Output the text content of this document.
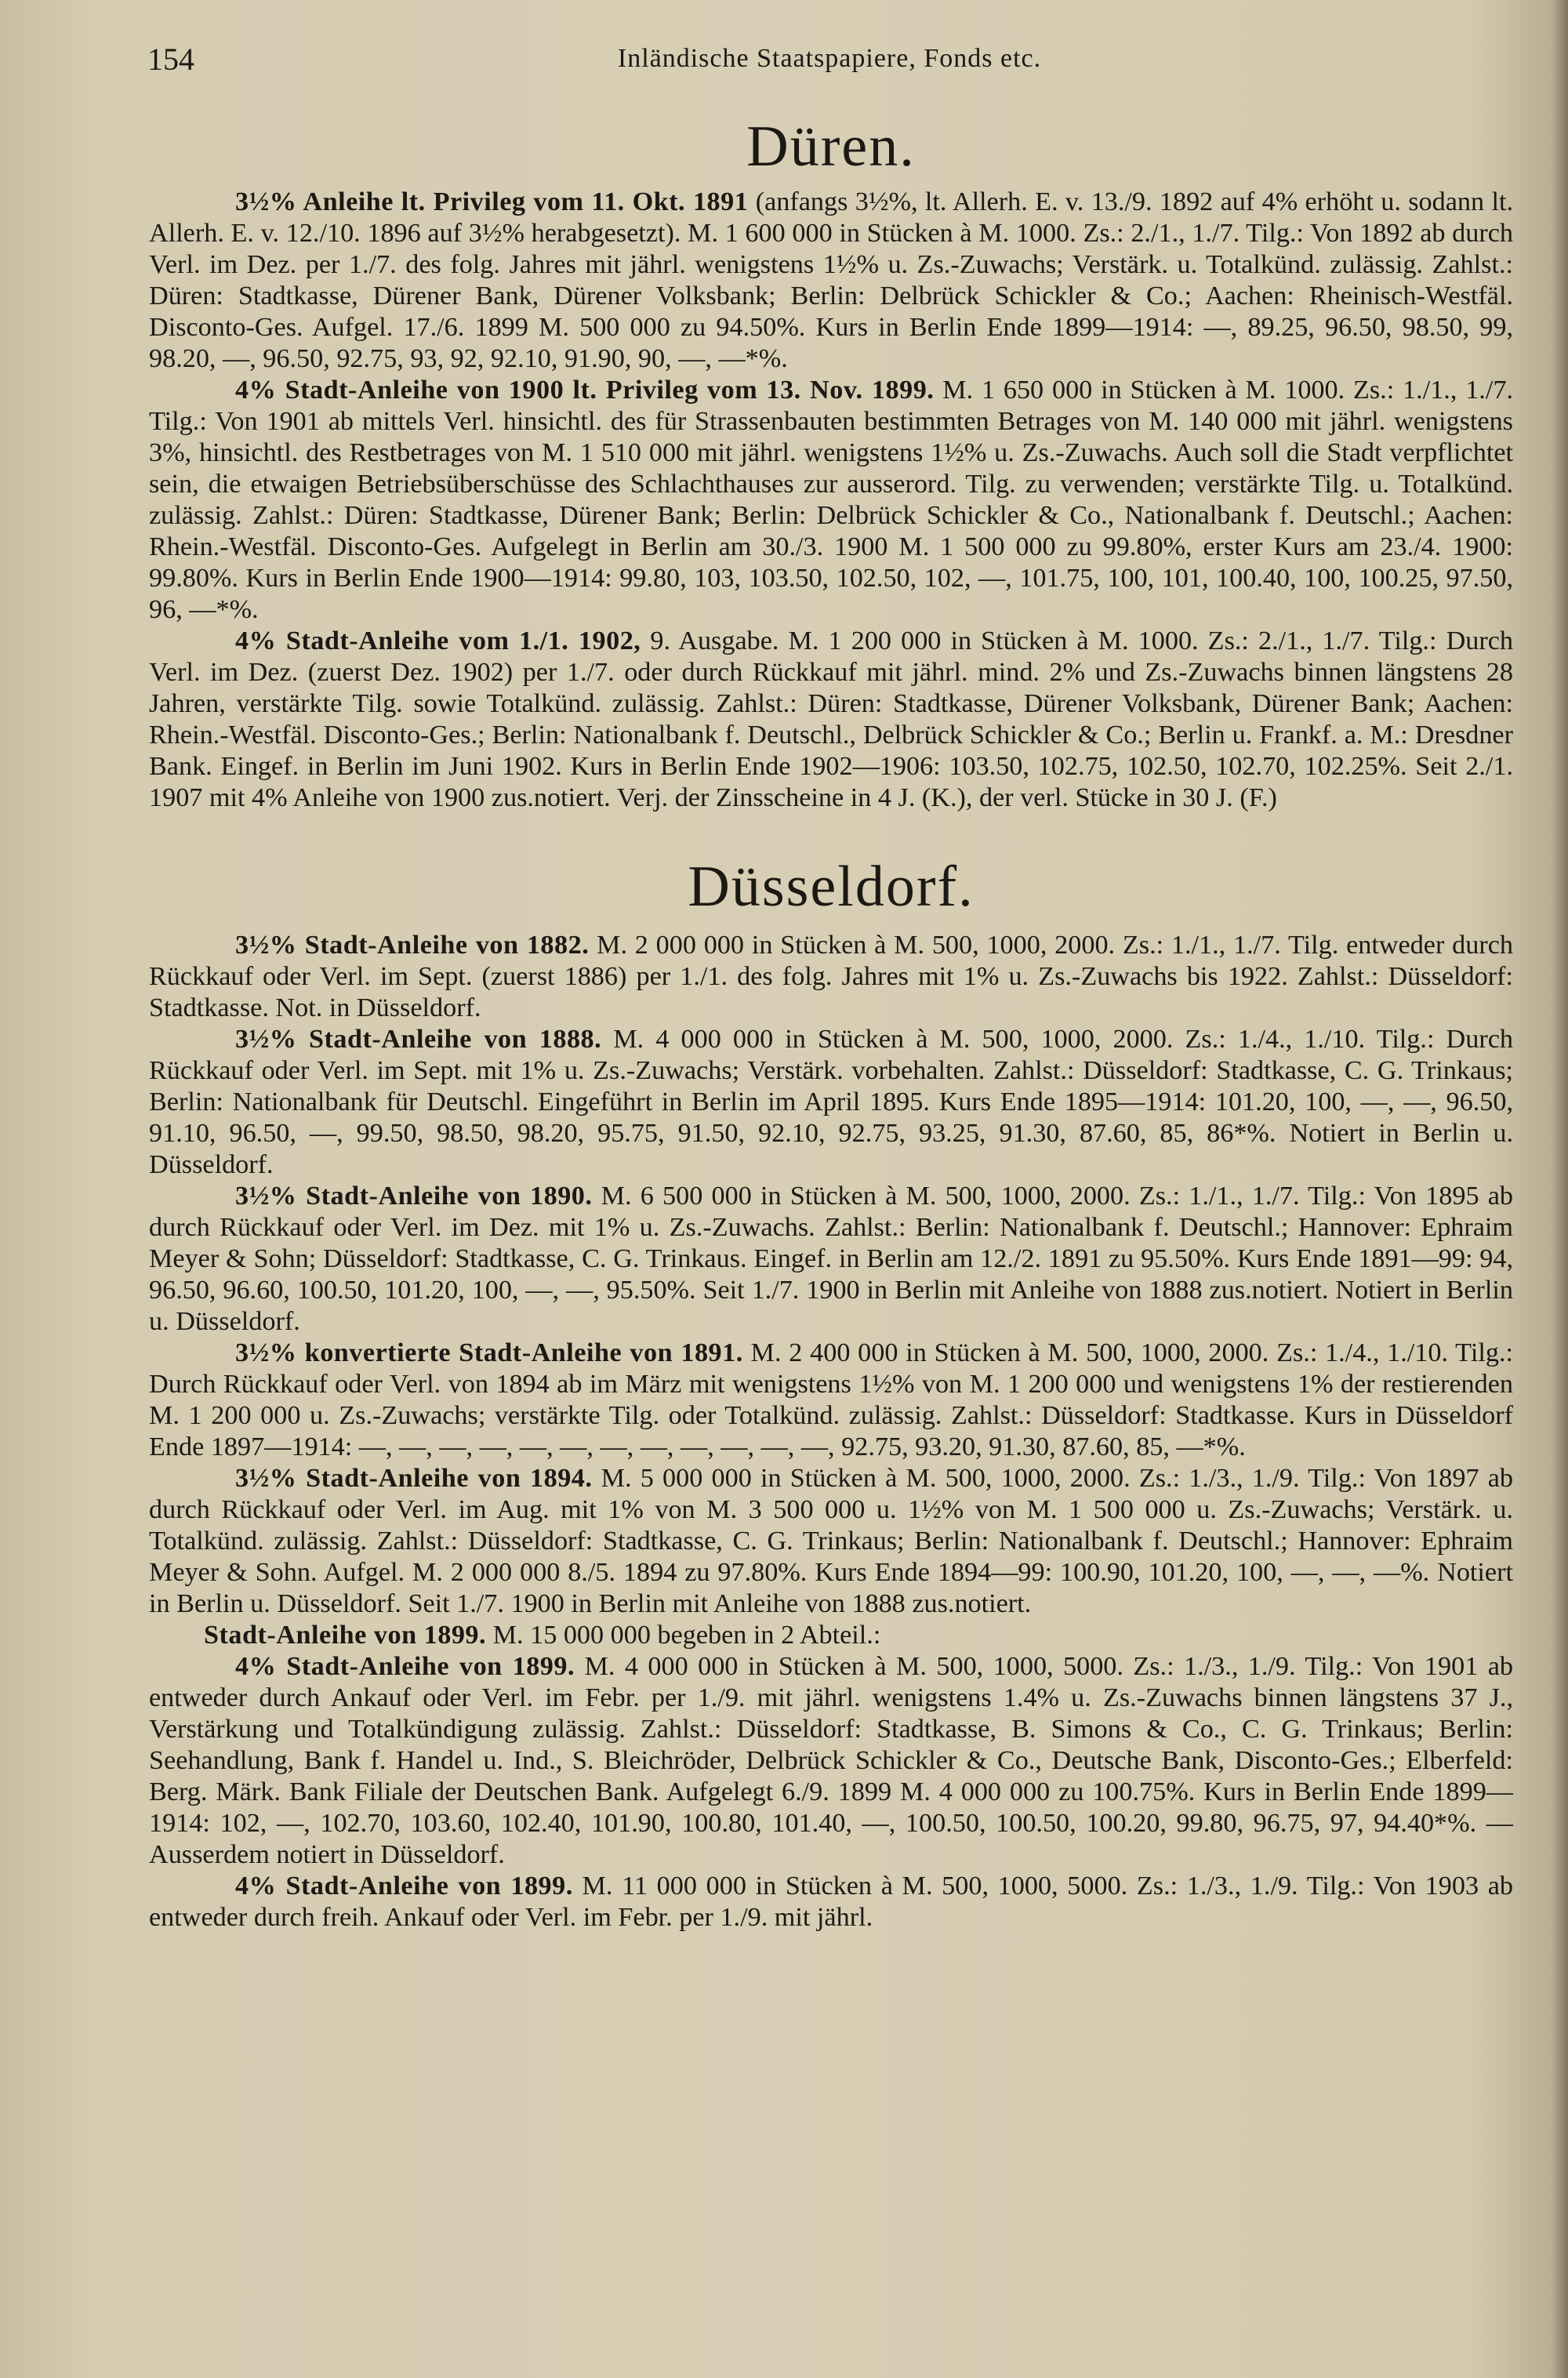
154	Inländische Staatspapiere, Fonds etc.
Düren.

3½% Anleihe lt. Privileg vom 11. Okt. 1891 (anfangs 3½%, lt. Allerh. E. v. 13./9. 1892 auf 4% erhöht u. sodann lt. Allerh. E. v. 12./10. 1896 auf 3½% herabgesetzt). M. 1 600 000 in Stücken à M. 1000. Zs.: 2./1., 1./7. Tilg.: Von 1892 ab durch Verl. im Dez. per 1./7. des folg. Jahres mit jährl. wenigstens 1½% u. Zs.-Zuwachs; Verstärk. u. Totalkünd. zulässig. Zahlst.: Düren: Stadtkasse, Dürener Bank, Dürener Volksbank; Berlin: Delbrück Schickler & Co.; Aachen: Rheinisch-Westfäl. Disconto-Ges. Aufgel. 17./6. 1899 M. 500 000 zu 94.50%. Kurs in Berlin Ende 1899—1914: —, 89.25, 96.50, 98.50, 99, 98.20, —, 96.50, 92.75, 93, 92, 92.10, 91.90, 90, —, —*%.

4% Stadt-Anleihe von 1900 lt. Privileg vom 13. Nov. 1899. M. 1 650 000 in Stücken à M. 1000. Zs.: 1./1., 1./7. Tilg.: Von 1901 ab mittels Verl. hinsichtl. des für Strassenbauten bestimmten Betrages von M. 140 000 mit jährl. wenigstens 3%, hinsichtl. des Restbetrages von M. 1 510 000 mit jährl. wenigstens 1½% u. Zs.-Zuwachs. Auch soll die Stadt verpflichtet sein, die etwaigen Betriebsüberschüsse des Schlachthauses zur ausserord. Tilg. zu verwenden; verstärkte Tilg. u. Totalkünd. zulässig. Zahlst.: Düren: Stadtkasse, Dürener Bank; Berlin: Delbrück Schickler & Co., Nationalbank f. Deutschl.; Aachen: Rhein.-Westfäl. Disconto-Ges. Aufgelegt in Berlin am 30./3. 1900 M. 1 500 000 zu 99.80%, erster Kurs am 23./4. 1900: 99.80%. Kurs in Berlin Ende 1900—1914: 99.80, 103, 103.50, 102.50, 102, —, 101.75, 100, 101, 100.40, 100, 100.25, 97.50, 96, —*%.

4% Stadt-Anleihe vom 1./1. 1902, 9. Ausgabe. M. 1 200 000 in Stücken à M. 1000. Zs.: 2./1., 1./7. Tilg.: Durch Verl. im Dez. (zuerst Dez. 1902) per 1./7. oder durch Rückkauf mit jährl. mind. 2% und Zs.-Zuwachs binnen längstens 28 Jahren, verstärkte Tilg. sowie Totalkünd. zulässig. Zahlst.: Düren: Stadtkasse, Dürener Volksbank, Dürener Bank; Aachen: Rhein.-Westfäl. Disconto-Ges.; Berlin: Nationalbank f. Deutschl., Delbrück Schickler & Co.; Berlin u. Frankf. a. M.: Dresdner Bank. Eingef. in Berlin im Juni 1902. Kurs in Berlin Ende 1902—1906: 103.50, 102.75, 102.50, 102.70, 102.25%. Seit 2./1. 1907 mit 4% Anleihe von 1900 zus.notiert. Verj. der Zinsscheine in 4 J. (K.), der verl. Stücke in 30 J. (F.)

Düsseldorf.

3½% Stadt-Anleihe von 1882. M. 2 000 000 in Stücken à M. 500, 1000, 2000. Zs.: 1./1., 1./7. Tilg. entweder durch Rückkauf oder Verl. im Sept. (zuerst 1886) per 1./1. des folg. Jahres mit 1% u. Zs.-Zuwachs bis 1922. Zahlst.: Düsseldorf: Stadtkasse. Not. in Düsseldorf.

3½% Stadt-Anleihe von 1888. M. 4 000 000 in Stücken à M. 500, 1000, 2000. Zs.: 1./4., 1./10. Tilg.: Durch Rückkauf oder Verl. im Sept. mit 1% u. Zs.-Zuwachs; Verstärk. vorbehalten. Zahlst.: Düsseldorf: Stadtkasse, C. G. Trinkaus; Berlin: Nationalbank für Deutschl. Eingeführt in Berlin im April 1895. Kurs Ende 1895—1914: 101.20, 100, —, —, 96.50, 91.10, 96.50, —, 99.50, 98.50, 98.20, 95.75, 91.50, 92.10, 92.75, 93.25, 91.30, 87.60, 85, 86*%. Notiert in Berlin u. Düsseldorf.

3½% Stadt-Anleihe von 1890. M. 6 500 000 in Stücken à M. 500, 1000, 2000. Zs.: 1./1., 1./7. Tilg.: Von 1895 ab durch Rückkauf oder Verl. im Dez. mit 1% u. Zs.-Zuwachs. Zahlst.: Berlin: Nationalbank f. Deutschl.; Hannover: Ephraim Meyer & Sohn; Düsseldorf: Stadtkasse, C. G. Trinkaus. Eingef. in Berlin am 12./2. 1891 zu 95.50%. Kurs Ende 1891—99: 94, 96.50, 96.60, 100.50, 101.20, 100, —, —, 95.50%. Seit 1./7. 1900 in Berlin mit Anleihe von 1888 zus.notiert. Notiert in Berlin u. Düsseldorf.

3½% konvertierte Stadt-Anleihe von 1891. M. 2 400 000 in Stücken à M. 500, 1000, 2000. Zs.: 1./4., 1./10. Tilg.: Durch Rückkauf oder Verl. von 1894 ab im März mit wenigstens 1½% von M. 1 200 000 und wenigstens 1% der restierenden M. 1 200 000 u. Zs.-Zuwachs; verstärkte Tilg. oder Totalkünd. zulässig. Zahlst.: Düsseldorf: Stadtkasse. Kurs in Düsseldorf Ende 1897—1914: —, —, —, —, —, —, —, —, —, —, —, —, 92.75, 93.20, 91.30, 87.60, 85, —*%.

3½% Stadt-Anleihe von 1894. M. 5 000 000 in Stücken à M. 500, 1000, 2000. Zs.: 1./3., 1./9. Tilg.: Von 1897 ab durch Rückkauf oder Verl. im Aug. mit 1% von M. 3 500 000 u. 1½% von M. 1 500 000 u. Zs.-Zuwachs; Verstärk. u. Totalkünd. zulässig. Zahlst.: Düsseldorf: Stadtkasse, C. G. Trinkaus; Berlin: Nationalbank f. Deutschl.; Hannover: Ephraim Meyer & Sohn. Aufgel. M. 2 000 000 8./5. 1894 zu 97.80%. Kurs Ende 1894—99: 100.90, 101.20, 100, —, —, —%. Notiert in Berlin u. Düsseldorf. Seit 1./7. 1900 in Berlin mit Anleihe von 1888 zus.notiert.

Stadt-Anleihe von 1899. M. 15 000 000 begeben in 2 Abteil.:

4% Stadt-Anleihe von 1899. M. 4 000 000 in Stücken à M. 500, 1000, 5000. Zs.: 1./3., 1./9. Tilg.: Von 1901 ab entweder durch Ankauf oder Verl. im Febr. per 1./9. mit jährl. wenigstens 1.4% u. Zs.-Zuwachs binnen längstens 37 J., Verstärkung und Totalkündigung zulässig. Zahlst.: Düsseldorf: Stadtkasse, B. Simons & Co., C. G. Trinkaus; Berlin: Seehandlung, Bank f. Handel u. Ind., S. Bleichröder, Delbrück Schickler & Co., Deutsche Bank, Disconto-Ges.; Elberfeld: Berg. Märk. Bank Filiale der Deutschen Bank. Aufgelegt 6./9. 1899 M. 4 000 000 zu 100.75%. Kurs in Berlin Ende 1899—1914: 102, —, 102.70, 103.60, 102.40, 101.90, 100.80, 101.40, —, 100.50, 100.50, 100.20, 99.80, 96.75, 97, 94.40*%. — Ausserdem notiert in Düsseldorf.

4% Stadt-Anleihe von 1899. M. 11 000 000 in Stücken à M. 500, 1000, 5000. Zs.: 1./3., 1./9. Tilg.: Von 1903 ab entweder durch freih. Ankauf oder Verl. im Febr. per 1./9. mit jährl.
